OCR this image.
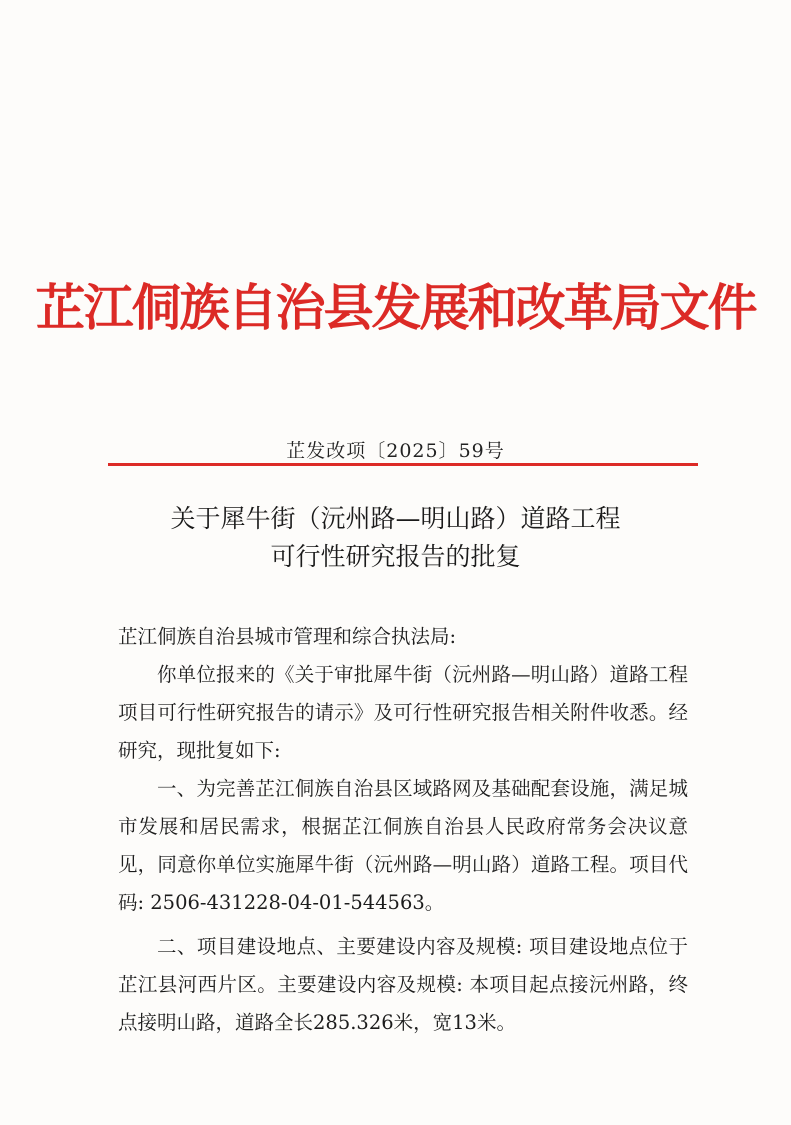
芷江侗族自治县发展和改革局文件
芷发改项〔2025〕59号
关于犀牛街（沅州路—明山路）道路工程
可行性研究报告的批复

芷江侗族自治县城市管理和综合执法局:

你单位报来的《关于审批犀牛街（沅州路—明山路）道路工程项目可行性研究报告的请示》及可行性研究报告相关附件收悉。经研究，现批复如下:

一、为完善芷江侗族自治县区域路网及基础配套设施，满足城市发展和居民需求，根据芷江侗族自治县人民政府常务会决议意见，同意你单位实施犀牛街（沅州路—明山路）道路工程。项目代码: 2506-431228-04-01-544563。

二、项目建设地点、主要建设内容及规模: 项目建设地点位于芷江县河西片区。主要建设内容及规模: 本项目起点接沅州路，终点接明山路，道路全长285.326米，宽13米。
